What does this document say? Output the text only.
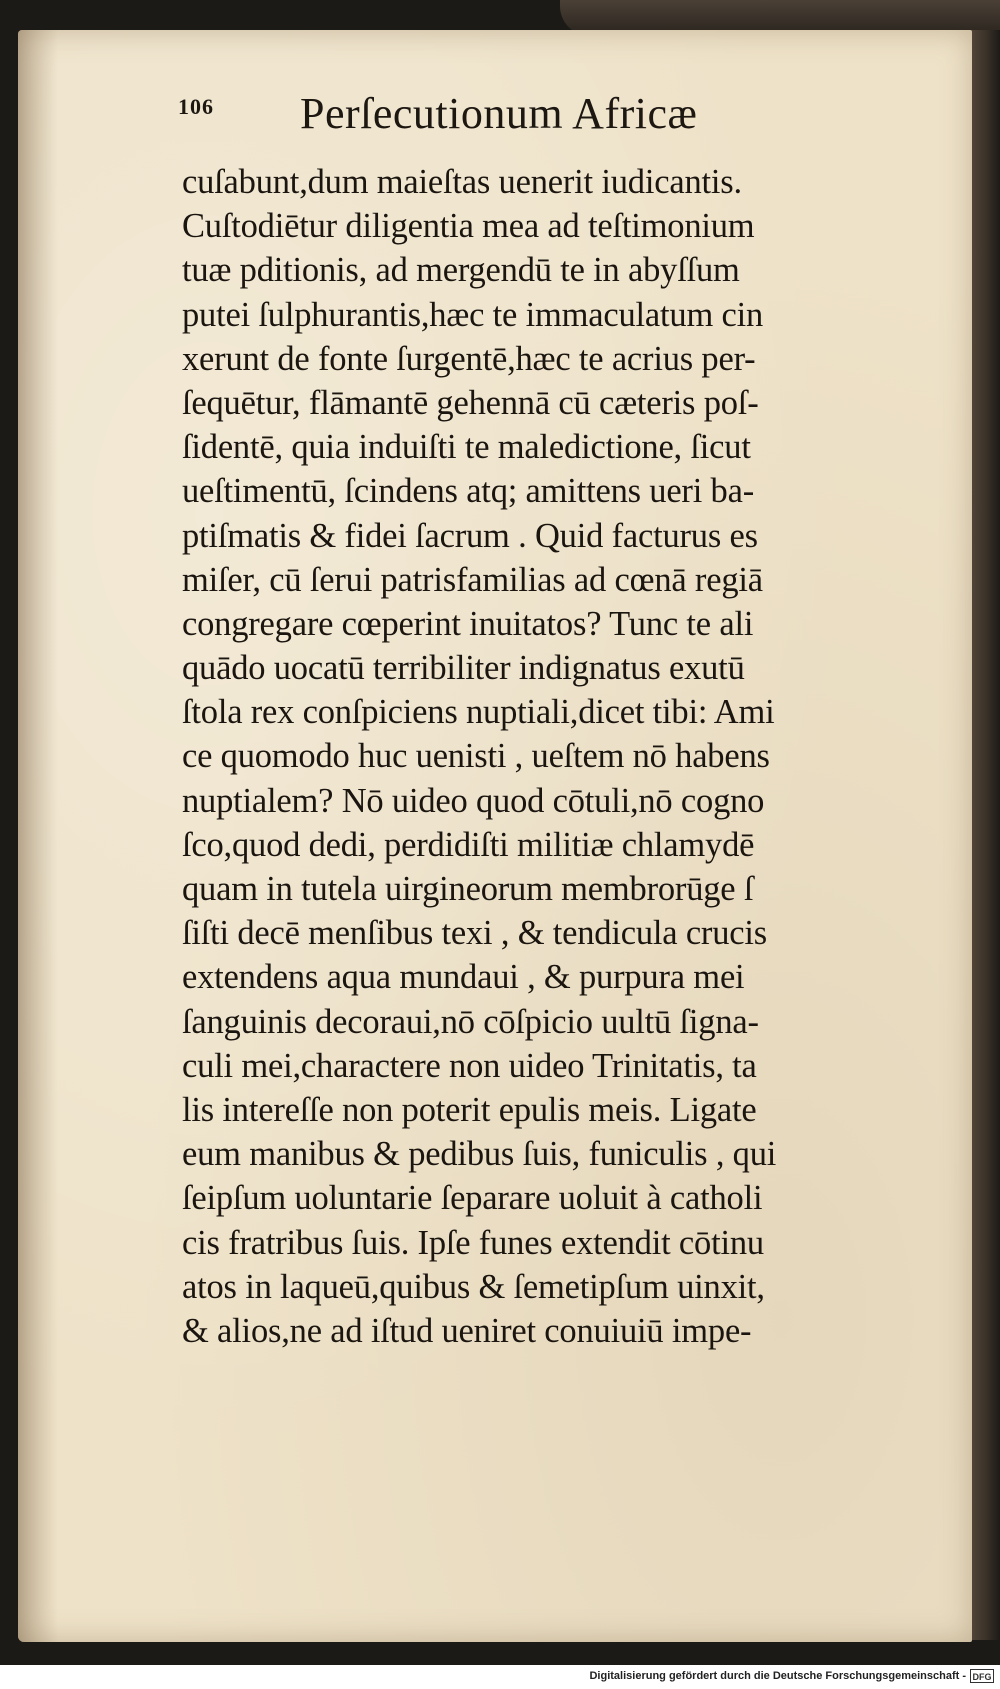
106 Perſecutionum Africæ
cuſabunt,dum maieſtas uenerit iudicantis.
Cuſtodiētur diligentia mea ad teſtimonium
tuæ pditionis, ad mergendū te in abyſſum
putei ſulphurantis,hæc te immaculatum cin
xerunt de fonte ſurgentē,hæc te acrius per-
ſequētur, flāmantē gehennā cū cæteris poſ-
ſidentē, quia induiſti te maledictione, ſicut
ueſtimentū, ſcindens atq; amittens ueri ba-
ptiſmatis & fidei ſacrum . Quid facturus es
miſer, cū ſerui patrisfamilias ad cœnā regiā
congregare cœperint inuitatos? Tunc te ali
quādo uocatū terribiliter indignatus exutū
ſtola rex conſpiciens nuptiali,dicet tibi: Ami
ce quomodo huc uenisti , ueſtem nō habens
nuptialem? Nō uideo quod cōtuli,nō cogno
ſco,quod dedi, perdidiſti militiæ chlamydē
quam in tutela uirgineorum membrorūge ſ
ſiſti decē menſibus texi , & tendicula crucis
extendens aqua mundaui , & purpura mei
ſanguinis decoraui,nō cōſpicio uultū ſigna-
culi mei,charactere non uideo Trinitatis, ta
lis intereſſe non poterit epulis meis. Ligate
eum manibus & pedibus ſuis, funiculis , qui
ſeipſum uoluntarie ſeparare uoluit à catholi
cis fratribus ſuis. Ipſe funes extendit cōtinu
atos in laqueū,quibus & ſemetipſum uinxit,
& alios,ne ad iſtud ueniret conuiuiū impe-
Digitalisierung gefördert durch die Deutsche Forschungsgemeinschaft - DFG
